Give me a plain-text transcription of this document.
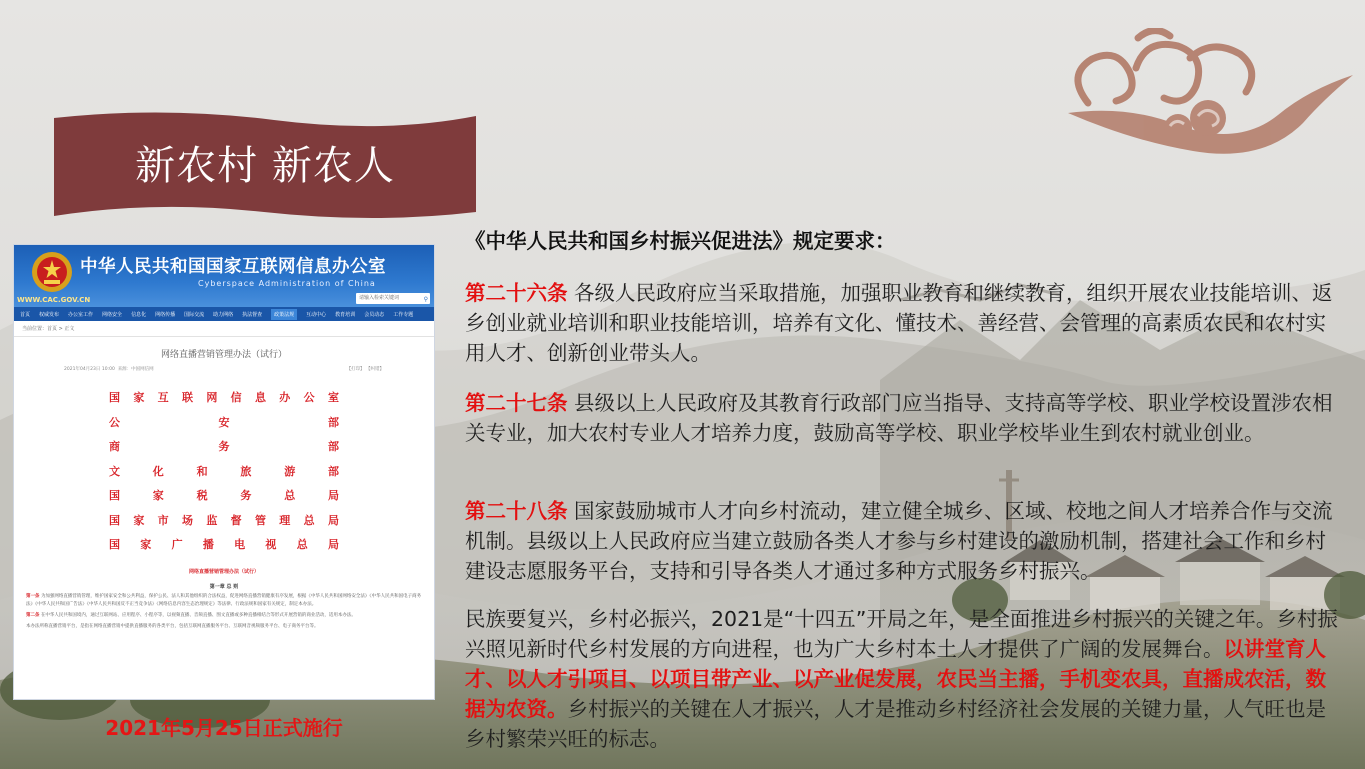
新农村 新农人
中华人民共和国国家互联网信息办公室
Cyberspace Administration of China
WWW.CAC.GOV.CN	请输入检索关键词	⚲
首页 权威发布 办公室工作 网络安全 信息化 网络传播 国际交流 助力网络 执法督查	政策法规	互动中心 教育培训 会员动态 工作专题
当前位置：首页 > 正文
网络直播营销管理办法（试行）
2021年04月23日 10:00 来源：中国网信网	【打印】 【纠错】
国 家 互 联 网 信 息 办 公 室
公	安	部
商	务	部
文	化	和	旅	游	部
国	家	税	务	总	局
国 家 市 场 监 督 管 理 总 局
国 家 广 播 电 视 总 局
网络直播营销管理办法（试行）
第一章 总 则
第一条 为加强网络直播营销管理，维护国家安全和公共利益，保护公民、法人和其他组织的合法权益，促进网络直播营销健康有序发展，根据《中华人民共和国网络安全法》《中华人民共和国电子商务法》《中华人民共和国广告法》《中华人民共和国反不正当竞争法》《网络信息内容生态治理规定》等法律、行政法规和国家有关规定，制定本办法。
第二条 在中华人民共和国境内，通过互联网站、应用程序、小程序等，以视频直播、音频直播、图文直播或多种直播相结合等形式开展营销的商业活动，适用本办法。
本办法所称直播营销平台，是指在网络直播营销中提供直播服务的各类平台，包括互联网直播服务平台、互联网音视频服务平台、电子商务平台等。
2021年5月25日正式施行
《中华人民共和国乡村振兴促进法》规定要求：
第二十六条 各级人民政府应当采取措施，加强职业教育和继续教育，组织开展农业技能培训、返乡创业就业培训和职业技能培训，培养有文化、懂技术、善经营、会管理的高素质农民和农村实用人才、创新创业带头人。
第二十七条 县级以上人民政府及其教育行政部门应当指导、支持高等学校、职业学校设置涉农相关专业，加大农村专业人才培养力度，鼓励高等学校、职业学校毕业生到农村就业创业。
第二十八条 国家鼓励城市人才向乡村流动，建立健全城乡、区域、校地之间人才培养合作与交流机制。县级以上人民政府应当建立鼓励各类人才参与乡村建设的激励机制，搭建社会工作和乡村建设志愿服务平台，支持和引导各类人才通过多种方式服务乡村振兴。
民族要复兴，乡村必振兴，2021是“十四五”开局之年，是全面推进乡村振兴的关键之年。乡村振兴照见新时代乡村发展的方向进程，也为广大乡村本土人才提供了广阔的发展舞台。以讲堂育人才、以人才引项目、以项目带产业、以产业促发展，农民当主播，手机变农具，直播成农活，数据为农资。乡村振兴的关键在人才振兴，人才是推动乡村经济社会发展的关键力量，人气旺也是乡村繁荣兴旺的标志。
